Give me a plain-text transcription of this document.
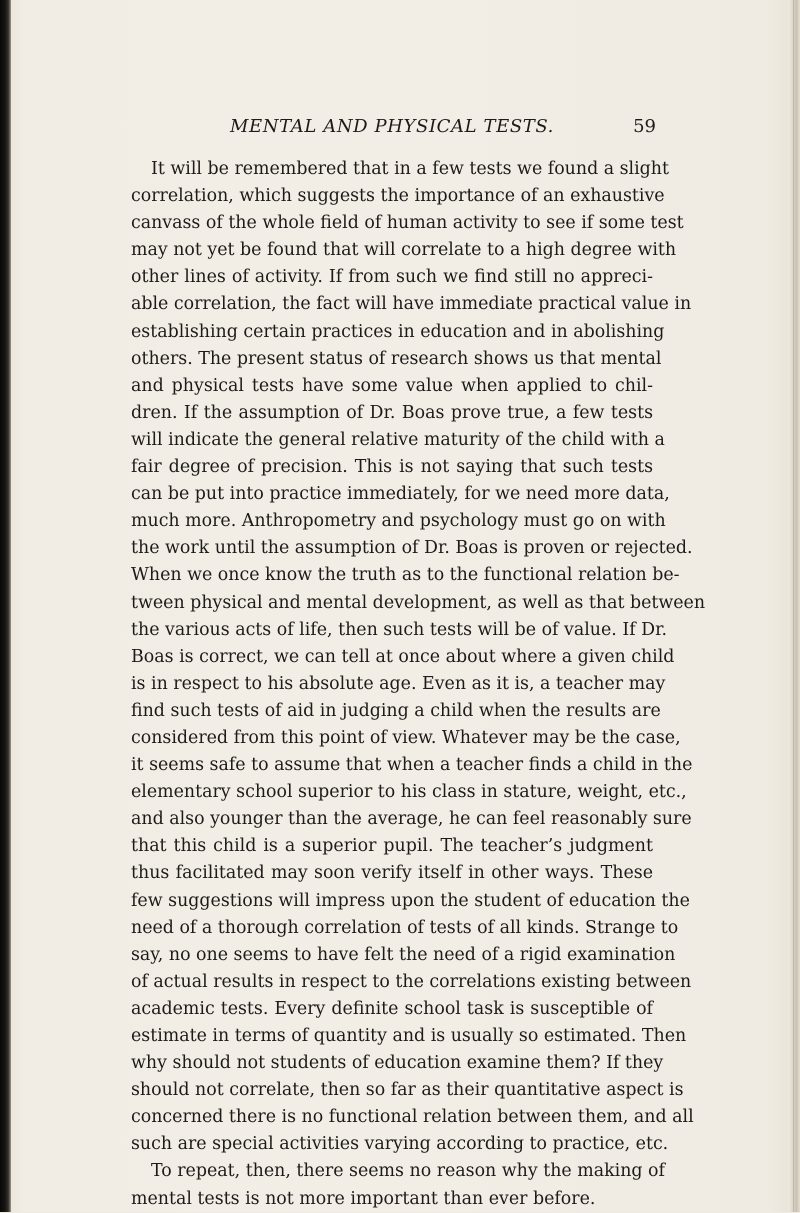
MENTAL AND PHYSICAL TESTS.	59
It will be remembered that in a few tests we found a slight
correlation, which suggests the importance of an exhaustive
canvass of the whole field of human activity to see if some test
may not yet be found that will correlate to a high degree with
other lines of activity. If from such we find still no appreci-
able correlation, the fact will have immediate practical value in
establishing certain practices in education and in abolishing
others. The present status of research shows us that mental
and physical tests have some value when applied to chil-
dren. If the assumption of Dr. Boas prove true, a few tests
will indicate the general relative maturity of the child with a
fair degree of precision. This is not saying that such tests
can be put into practice immediately, for we need more data,
much more. Anthropometry and psychology must go on with
the work until the assumption of Dr. Boas is proven or rejected.
When we once know the truth as to the functional relation be-
tween physical and mental development, as well as that between
the various acts of life, then such tests will be of value. If Dr.
Boas is correct, we can tell at once about where a given child
is in respect to his absolute age. Even as it is, a teacher may
find such tests of aid in judging a child when the results are
considered from this point of view. Whatever may be the case,
it seems safe to assume that when a teacher finds a child in the
elementary school superior to his class in stature, weight, etc.,
and also younger than the average, he can feel reasonably sure
that this child is a superior pupil. The teacher’s judgment
thus facilitated may soon verify itself in other ways. These
few suggestions will impress upon the student of education the
need of a thorough correlation of tests of all kinds. Strange to
say, no one seems to have felt the need of a rigid examination
of actual results in respect to the correlations existing between
academic tests. Every definite school task is susceptible of
estimate in terms of quantity and is usually so estimated. Then
why should not students of education examine them? If they
should not correlate, then so far as their quantitative aspect is
concerned there is no functional relation between them, and all
such are special activities varying according to practice, etc.
To repeat, then, there seems no reason why the making of
mental tests is not more important than ever before.
